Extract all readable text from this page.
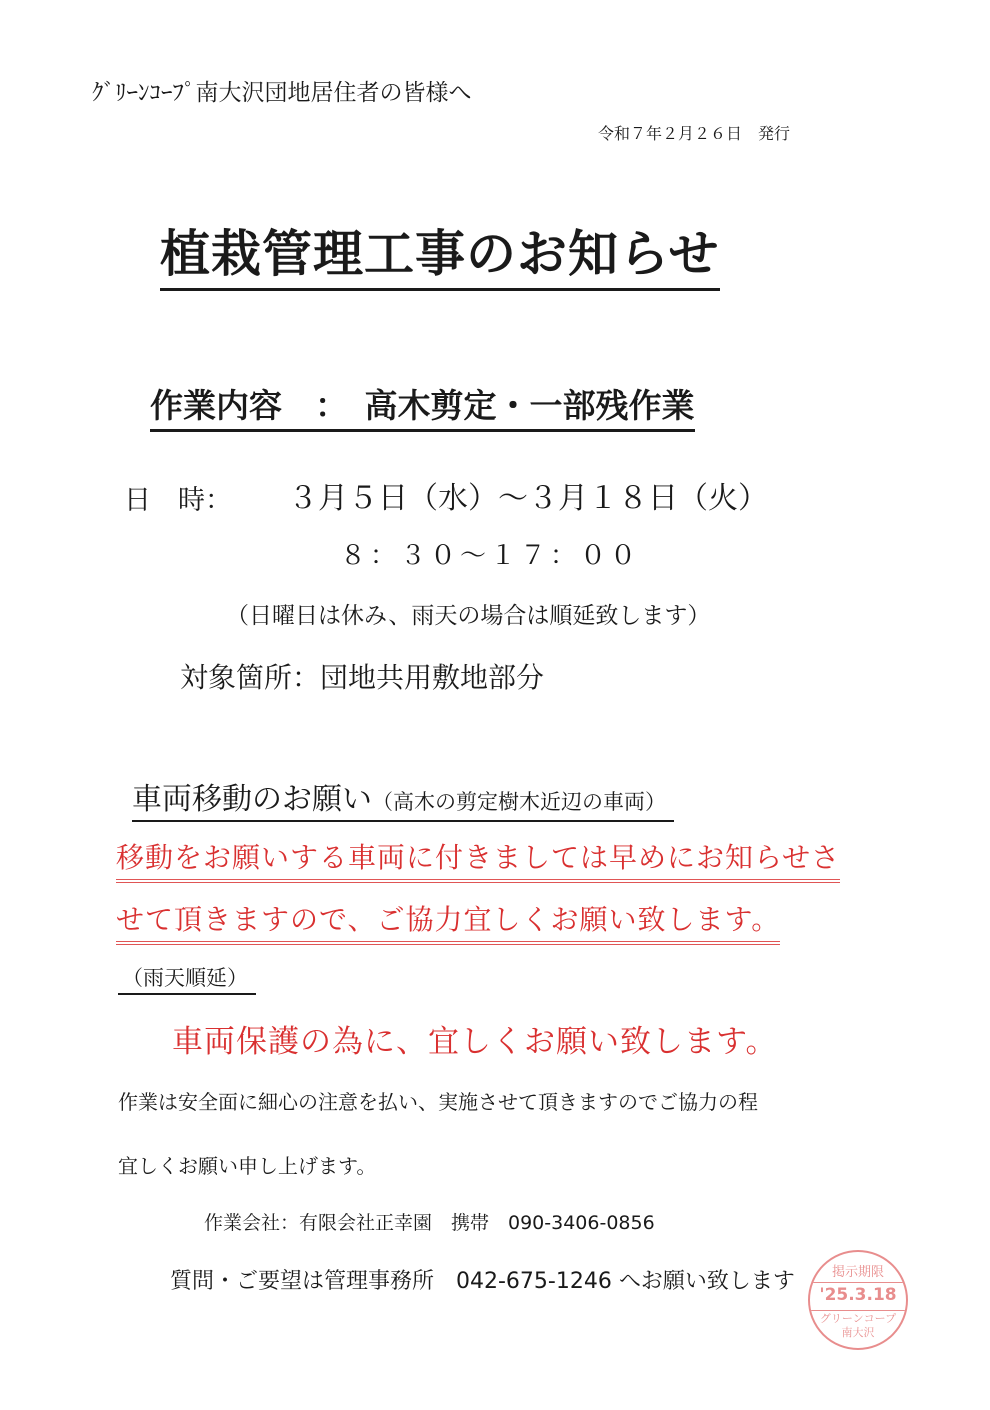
ｸﾞﾘｰﾝｺｰﾌﾟ南大沢団地居住者の皆様へ
令和７年２月２６日　発行
植栽管理工事のお知らせ
作業内容　：　高木剪定・一部残作業
日　時： ３月５日（水）～３月１８日（火）
８：３０～１７：００
（日曜日は休み、雨天の場合は順延致します）
対象箇所：団地共用敷地部分
車両移動のお願い（高木の剪定樹木近辺の車両）
移動をお願いする車両に付きましては早めにお知らせさ
せて頂きますので、ご協力宜しくお願い致します。
（雨天順延）
車両保護の為に、宜しくお願い致します。
作業は安全面に細心の注意を払い、実施させて頂きますのでご協力の程
宜しくお願い申し上げます。
作業会社：有限会社正幸園　携帯　090-3406-0856
質問・ご要望は管理事務所　042-675-1246 へお願い致します	掲示期限
'25.3.18
グリーンコープ
南大沢
